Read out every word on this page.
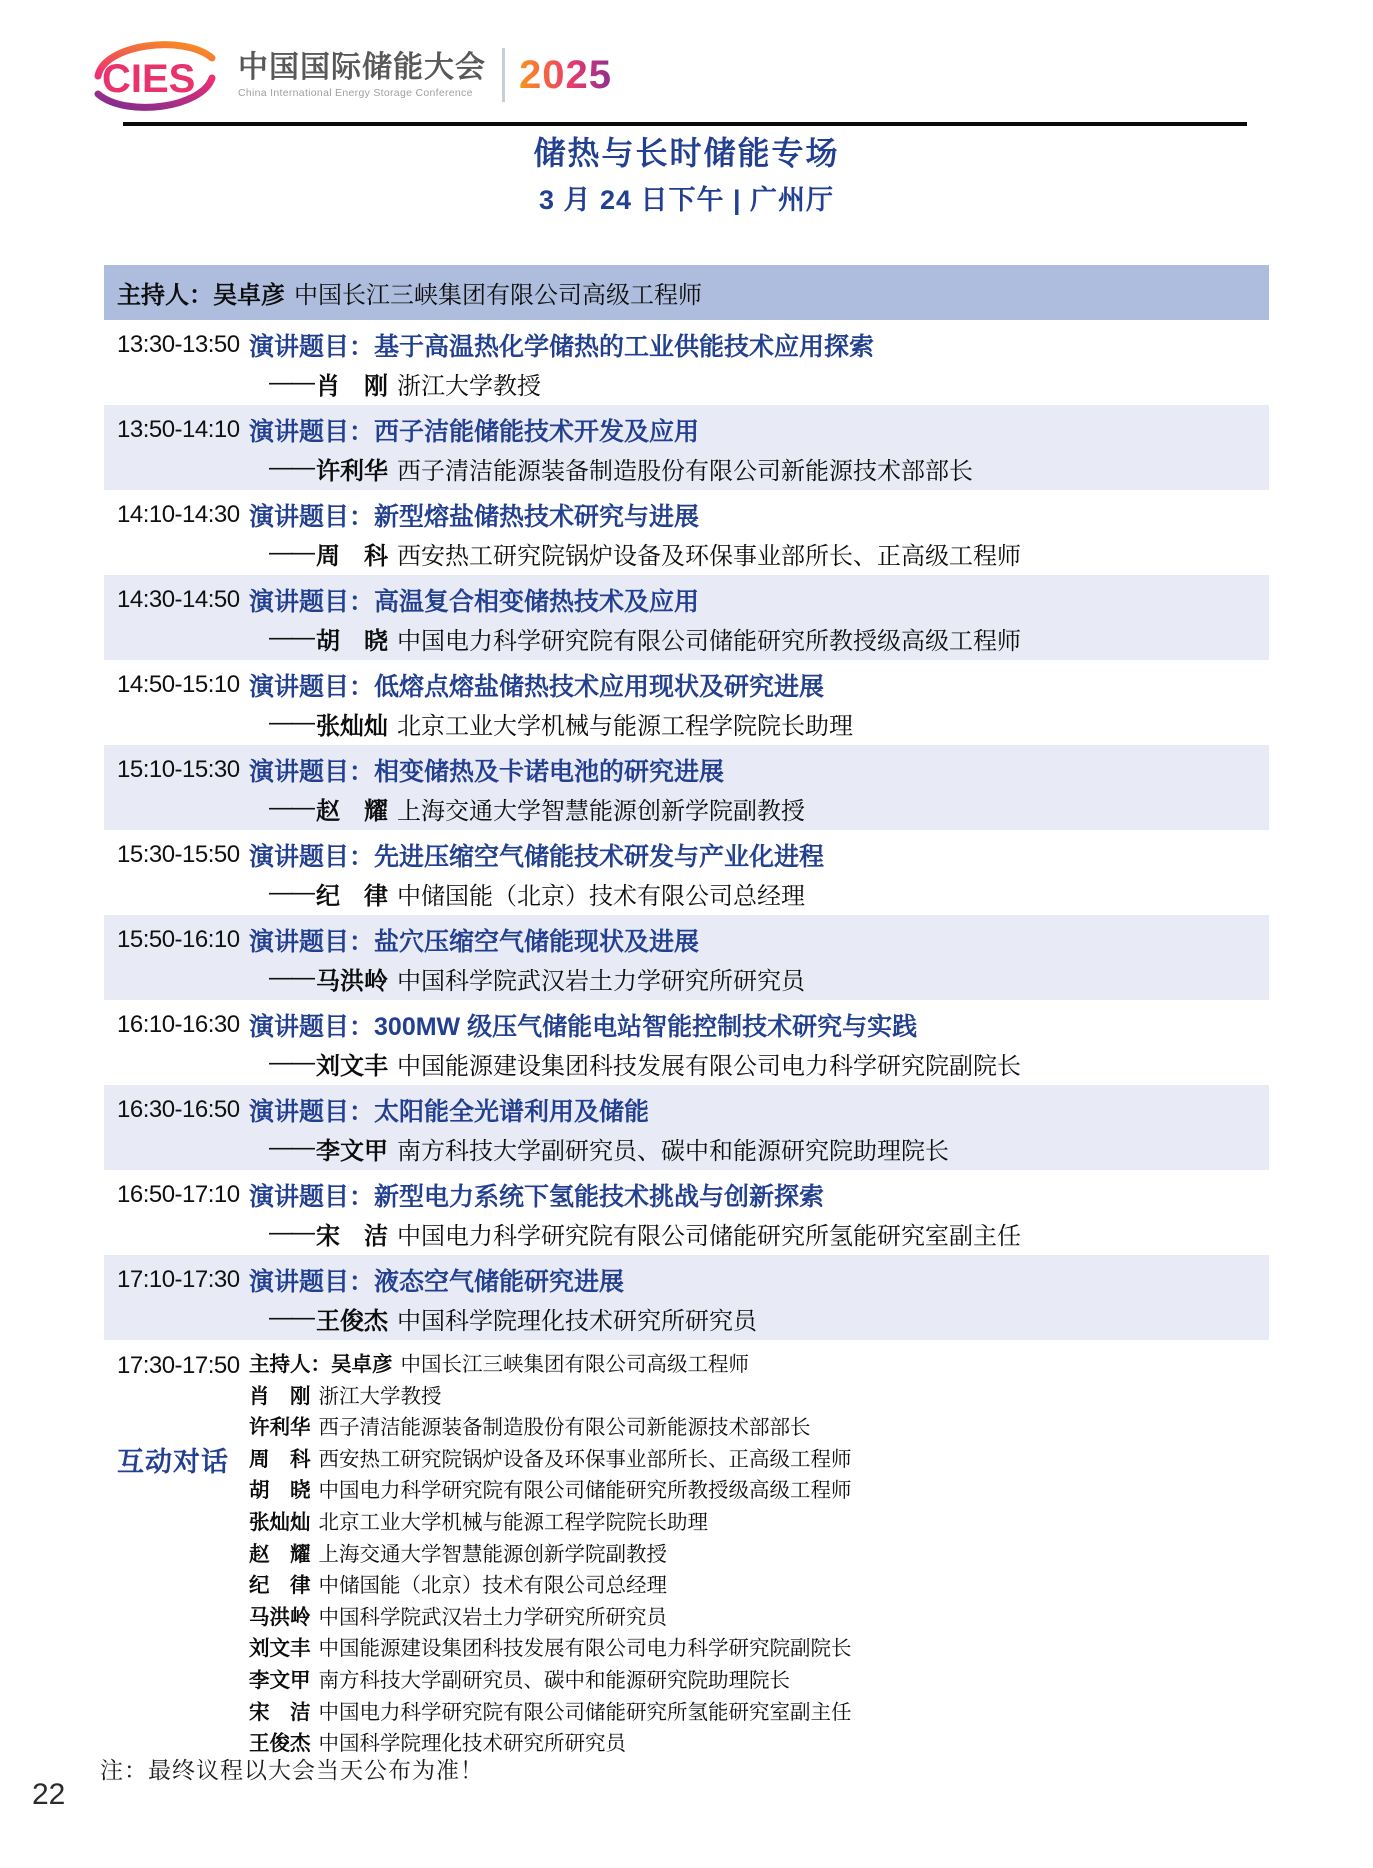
CIES 中国国际储能大会
China International Energy Storage Conference	2025
储热与长时储能专场
3 月 24 日下午 | 广州厅
主持人：吴卓彦 中国长江三峡集团有限公司高级工程师
13:30-13:50 演讲题目：基于高温热化学储热的工业供能技术应用探索
—— 肖　刚 浙江大学教授
13:50-14:10 演讲题目：西子洁能储能技术开发及应用
—— 许利华 西子清洁能源装备制造股份有限公司新能源技术部部长
14:10-14:30 演讲题目：新型熔盐储热技术研究与进展
—— 周　科 西安热工研究院锅炉设备及环保事业部所长、正高级工程师
14:30-14:50 演讲题目：高温复合相变储热技术及应用
—— 胡　晓 中国电力科学研究院有限公司储能研究所教授级高级工程师
14:50-15:10 演讲题目：低熔点熔盐储热技术应用现状及研究进展
—— 张灿灿 北京工业大学机械与能源工程学院院长助理
15:10-15:30 演讲题目：相变储热及卡诺电池的研究进展
—— 赵　耀 上海交通大学智慧能源创新学院副教授
15:30-15:50 演讲题目：先进压缩空气储能技术研发与产业化进程
—— 纪　律 中储国能（北京）技术有限公司总经理
15:50-16:10 演讲题目：盐穴压缩空气储能现状及进展
—— 马洪岭 中国科学院武汉岩土力学研究所研究员
16:10-16:30 演讲题目：300MW 级压气储能电站智能控制技术研究与实践
—— 刘文丰 中国能源建设集团科技发展有限公司电力科学研究院副院长
16:30-16:50 演讲题目：太阳能全光谱利用及储能
—— 李文甲 南方科技大学副研究员、碳中和能源研究院助理院长
16:50-17:10 演讲题目：新型电力系统下氢能技术挑战与创新探索
—— 宋　洁 中国电力科学研究院有限公司储能研究所氢能研究室副主任
17:10-17:30 演讲题目：液态空气储能研究进展
—— 王俊杰 中国科学院理化技术研究所研究员
17:30-17:50
互动对话
主持人：吴卓彦 中国长江三峡集团有限公司高级工程师
肖　刚 浙江大学教授
许利华 西子清洁能源装备制造股份有限公司新能源技术部部长
周　科 西安热工研究院锅炉设备及环保事业部所长、正高级工程师
胡　晓 中国电力科学研究院有限公司储能研究所教授级高级工程师
张灿灿 北京工业大学机械与能源工程学院院长助理
赵　耀 上海交通大学智慧能源创新学院副教授
纪　律 中储国能（北京）技术有限公司总经理
马洪岭 中国科学院武汉岩土力学研究所研究员
刘文丰 中国能源建设集团科技发展有限公司电力科学研究院副院长
李文甲 南方科技大学副研究员、碳中和能源研究院助理院长
宋　洁 中国电力科学研究院有限公司储能研究所氢能研究室副主任
王俊杰 中国科学院理化技术研究所研究员
注：最终议程以大会当天公布为准！
22
